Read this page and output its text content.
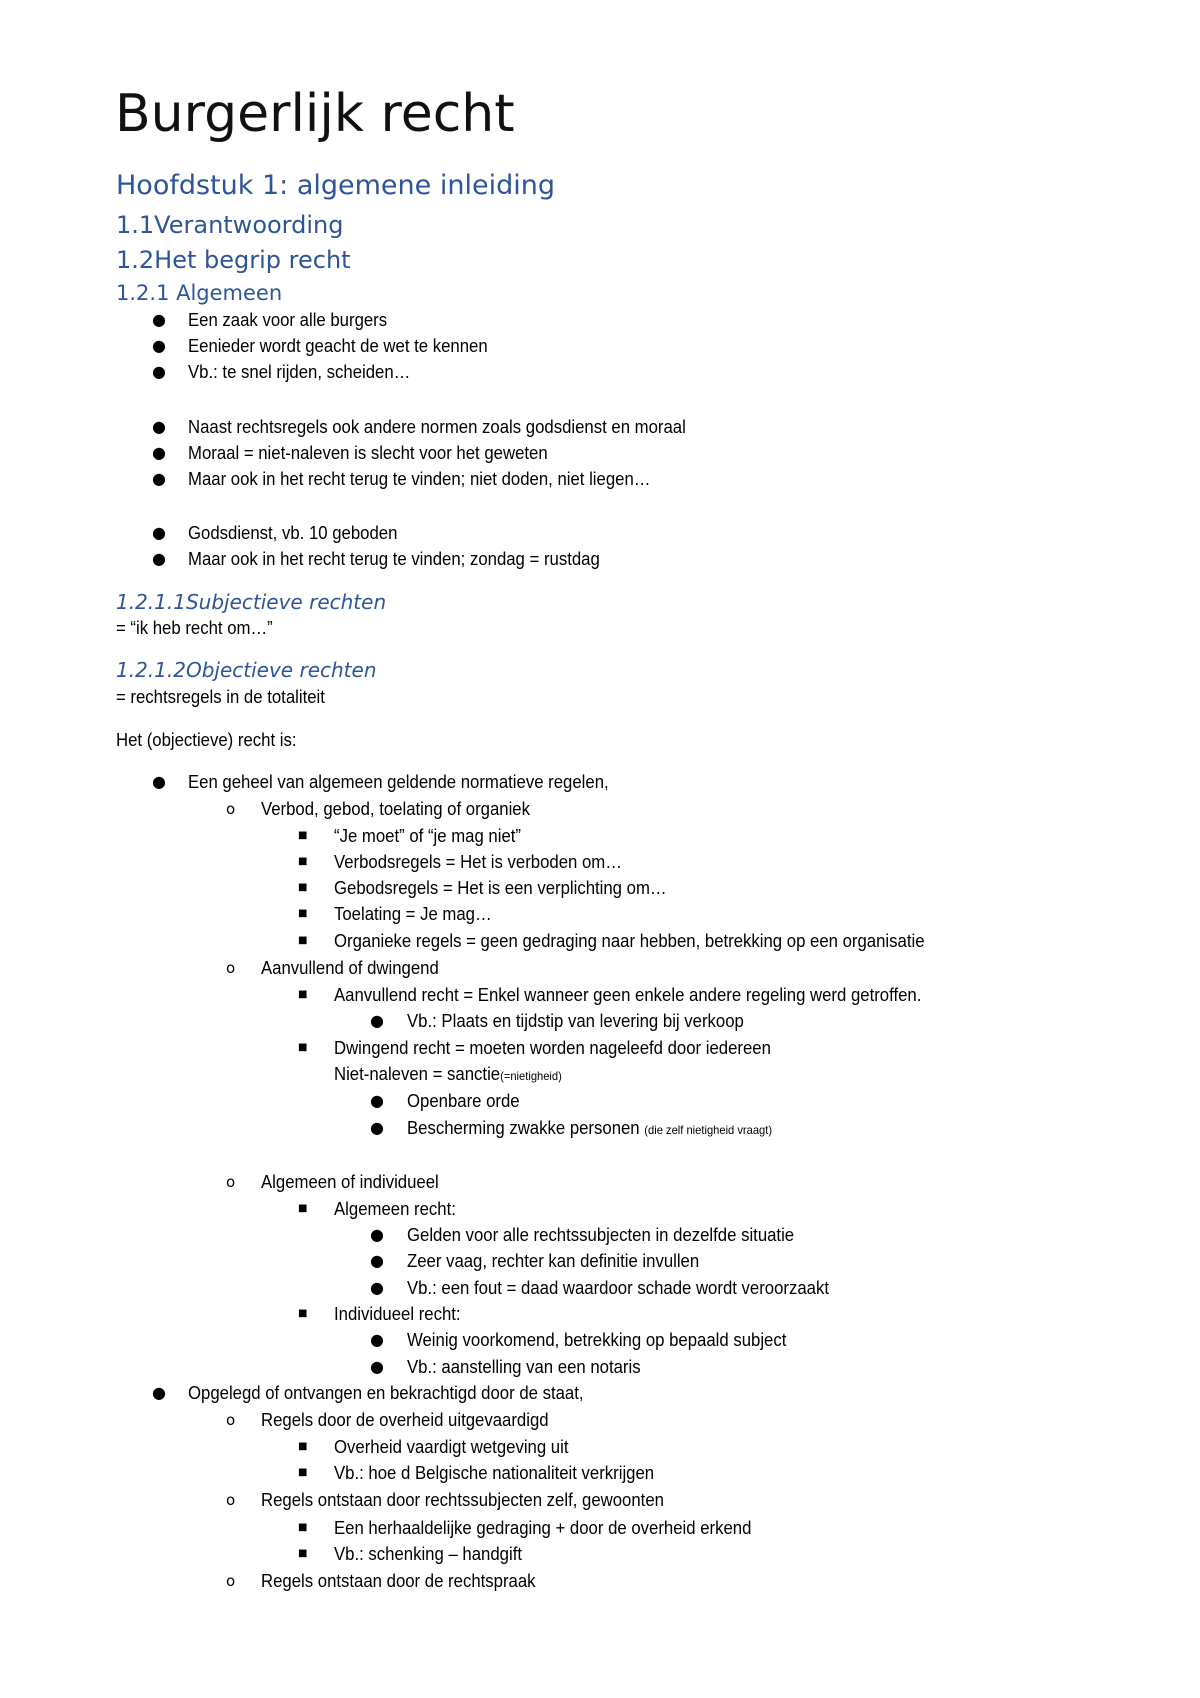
Burgerlijk recht
Hoofdstuk 1: algemene inleiding
1.1Verantwoording
1.2Het begrip recht
1.2.1 Algemeen
● Een zaak voor alle burgers
● Eenieder wordt geacht de wet te kennen
● Vb.: te snel rijden, scheiden…
● Naast rechtsregels ook andere normen zoals godsdienst en moraal
● Moraal = niet-naleven is slecht voor het geweten
● Maar ook in het recht terug te vinden; niet doden, niet liegen…
● Godsdienst, vb. 10 geboden
● Maar ook in het recht terug te vinden; zondag = rustdag
1.2.1.1Subjectieve rechten
= “ik heb recht om…”
1.2.1.2Objectieve rechten
= rechtsregels in de totaliteit
Het (objectieve) recht is:
● Een geheel van algemeen geldende normatieve regelen,
o Verbod, gebod, toelating of organiek
■ “Je moet” of “je mag niet”
■ Verbodsregels = Het is verboden om…
■ Gebodsregels = Het is een verplichting om…
■ Toelating = Je mag…
■ Organieke regels = geen gedraging naar hebben, betrekking op een organisatie
o Aanvullend of dwingend
■ Aanvullend recht = Enkel wanneer geen enkele andere regeling werd getroffen.
● Vb.: Plaats en tijdstip van levering bij verkoop
■ Dwingend recht = moeten worden nageleefd door iedereen
Niet-naleven = sanctie(=nietigheid)
● Openbare orde
● Bescherming zwakke personen (die zelf nietigheid vraagt)
o Algemeen of individueel
■ Algemeen recht:
● Gelden voor alle rechtssubjecten in dezelfde situatie
● Zeer vaag, rechter kan definitie invullen
● Vb.: een fout = daad waardoor schade wordt veroorzaakt
■ Individueel recht:
● Weinig voorkomend, betrekking op bepaald subject
● Vb.: aanstelling van een notaris
● Opgelegd of ontvangen en bekrachtigd door de staat,
o Regels door de overheid uitgevaardigd
■ Overheid vaardigt wetgeving uit
■ Vb.: hoe d Belgische nationaliteit verkrijgen
o Regels ontstaan door rechtssubjecten zelf, gewoonten
■ Een herhaaldelijke gedraging + door de overheid erkend
■ Vb.: schenking – handgift
o Regels ontstaan door de rechtspraak
